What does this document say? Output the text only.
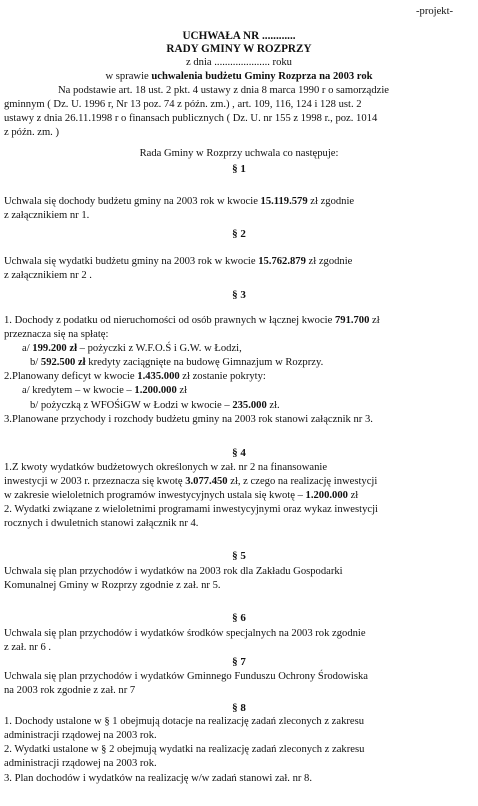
-projekt-
UCHWAŁA NR ............
RADY GMINY W ROZPRZY
z dnia ..................... roku
w sprawie uchwalenia budżetu Gminy Rozprza na 2003 rok
Na podstawie art. 18 ust. 2 pkt. 4 ustawy z dnia 8 marca 1990 r o samorządzie
gminnym ( Dz. U. 1996 r, Nr 13 poz. 74 z późn. zm.) , art. 109, 116, 124 i 128 ust. 2
ustawy z dnia 26.11.1998 r o finansach publicznych ( Dz. U. nr 155 z 1998 r., poz. 1014
z późn. zm. )
Rada Gminy w Rozprzy uchwala co następuje:
§ 1
Uchwala się dochody budżetu gminy na 2003 rok w kwocie 15.119.579 zł zgodnie
z załącznikiem nr 1.
§ 2
Uchwala się wydatki budżetu gminy na 2003 rok w kwocie 15.762.879 zł zgodnie
z załącznikiem nr 2 .
§ 3
1. Dochody z podatku od nieruchomości od osób prawnych w łącznej kwocie 791.700 zł
przeznacza się na spłatę:
a/ 199.200 zł – pożyczki z W.F.O.Ś i G.W. w Łodzi,
b/ 592.500 zł kredyty zaciągnięte na budowę Gimnazjum w Rozprzy.
2.Planowany deficyt w kwocie 1.435.000 zł zostanie pokryty:
a/ kredytem – w kwocie – 1.200.000 zł
b/ pożyczką z WFOŚiGW w Łodzi w kwocie – 235.000 zł.
3.Planowane przychody i rozchody budżetu gminy na 2003 rok stanowi załącznik nr 3.
§ 4
1.Z kwoty wydatków budżetowych określonych w zał. nr 2 na finansowanie
inwestycji w 2003 r. przeznacza się kwotę 3.077.450 zł, z czego na realizację inwestycji
w zakresie wieloletnich programów inwestycyjnych ustala się kwotę – 1.200.000 zł
2. Wydatki związane z wieloletnimi programami inwestycyjnymi oraz wykaz inwestycji
rocznych i dwuletnich stanowi załącznik nr 4.
§ 5
Uchwala się plan przychodów i wydatków na 2003 rok dla Zakładu Gospodarki
Komunalnej Gminy w Rozprzy zgodnie z zał. nr 5.
§ 6
Uchwala się plan przychodów i wydatków środków specjalnych na 2003 rok zgodnie
z zał. nr 6 .
§ 7
Uchwala się plan przychodów i wydatków Gminnego Funduszu Ochrony Środowiska
na 2003 rok zgodnie z zał. nr 7
§ 8
1. Dochody ustalone w § 1 obejmują dotacje na realizację zadań zleconych z zakresu
administracji rządowej na 2003 rok.
2. Wydatki ustalone w § 2 obejmują wydatki na realizację zadań zleconych z zakresu
administracji rządowej na 2003 rok.
3. Plan dochodów i wydatków na realizację w/w zadań stanowi zał. nr 8.
